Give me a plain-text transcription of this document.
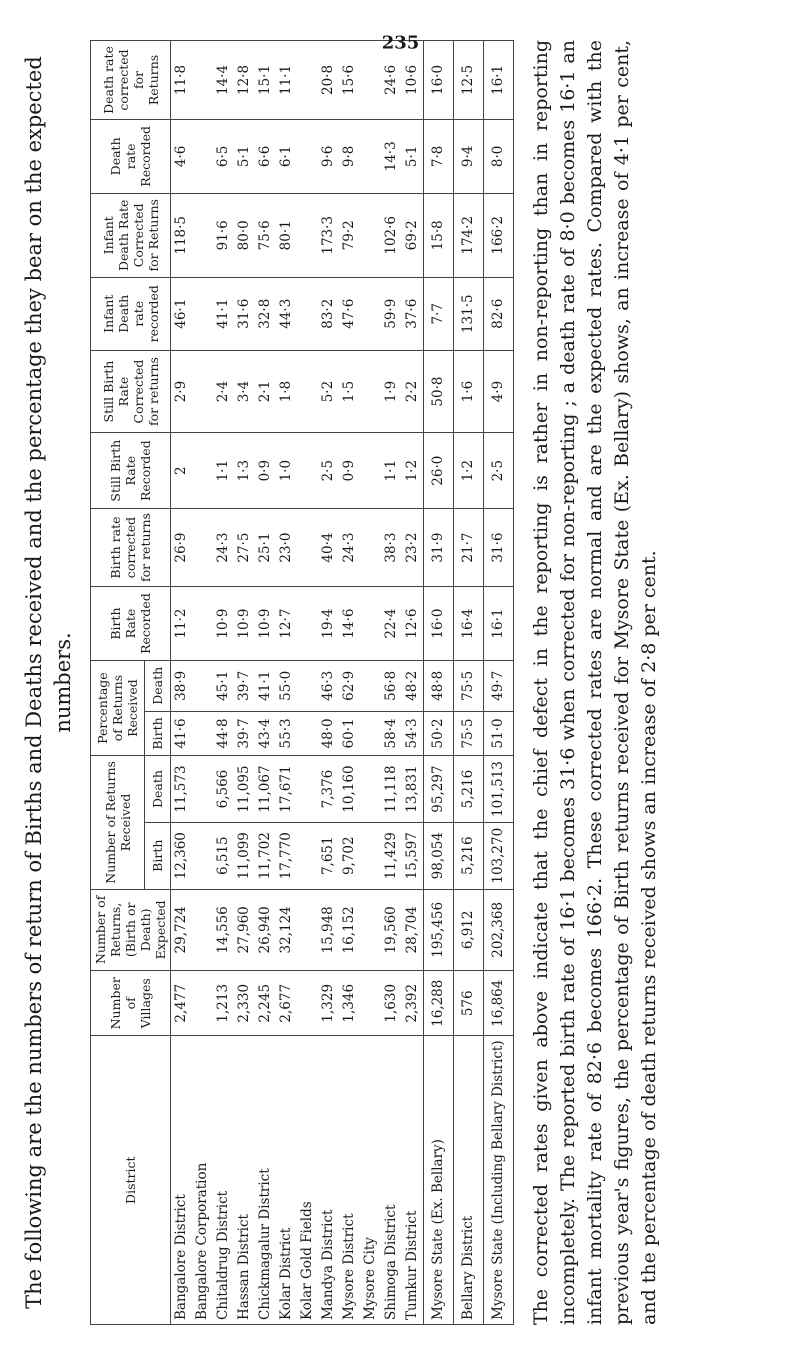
235

The following are the numbers of return of Births and Deaths received and the percentage they bear on the expected numbers.

District	Number of Villages	Number of Returns, (Birth or Death) Expected	Number of Returns Received		Percentage of Returns Received		Birth Rate Recorded	Birth rate corrected for returns	Still Birth Rate Recorded	Still Birth Rate Corrected for returns	Infant Death rate recorded	Infant Death Rate Corrected for Returns	Death rate Recorded	Death rate corrected for Returns
			Birth	Death	Birth	Death								
Bangalore District	2,477	29,724	12,360	11,573	41·6	38·9	11·2	26·9	2	2·9	46·1	118·5	4·6	11·8
Bangalore Corporation														
Chitaldrug District	1,213	14,556	6,515	6,566	44·8	45·1	10·9	24·3	1·1	2·4	41·1	91·6	6·5	14·4
Hassan District	2,330	27,960	11,099	11,095	39·7	39·7	10·9	27·5	1·3	3·4	31·6	80·0	5·1	12·8
Chickmagalur District	2,245	26,940	11,702	11,067	43·4	41·1	10·9	25·1	0·9	2·1	32·8	75·6	6·6	15·1
Kolar District	2,677	32,124	17,770	17,671	55·3	55·0	12·7	23·0	1·0	1·8	44·3	80·1	6·1	11·1
Kolar Gold Fields														
Mandya District	1,329	15,948	7,651	7,376	48·0	46·3	19·4	40·4	2·5	5·2	83·2	173·3	9·6	20·8
Mysore District	1,346	16,152	9,702	10,160	60·1	62·9	14·6	24·3	0·9	1·5	47·6	79·2	9·8	15·6
Mysore City														
Shimoga District	1,630	19,560	11,429	11,118	58·4	56·8	22·4	38·3	1·1	1·9	59·9	102·6	14·3	24·6
Tumkur District	2,392	28,704	15,597	13,831	54·3	48·2	12·6	23·2	1·2	2·2	37·6	69·2	5·1	10·6
Mysore State (Ex. Bellary)	16,288	195,456	98,054	95,297	50·2	48·8	16·0	31·9	26·0	50·8	7·7	15·8	7·8	16·0
Bellary District	576	6,912	5,216	5,216	75·5	75·5	16·4	21·7	1·2	1·6	131·5	174·2	9·4	12·5
Mysore State (Including Bellary District)	16,864	202,368	103,270	101,513	51·0	49·7	16·1	31·6	2·5	4·9	82·6	166·2	8·0	16·1 The corrected rates given above indicate that the chief defect in the reporting is rather in non-reporting than in reporting incompletely. The reported birth rate of 16·1 becomes 31·6 when corrected for non-reporting ; a death rate of 8·0 becomes 16·1 an infant mortality rate of 82·6 becomes 166·2. These corrected rates are normal and are the expected rates. Compared with the previous year's figures, the percentage of Birth returns received for Mysore State (Ex. Bellary) shows, an increase of 4·1 per cent, and the percentage of death returns received shows an increase of 2·8 per cent.
